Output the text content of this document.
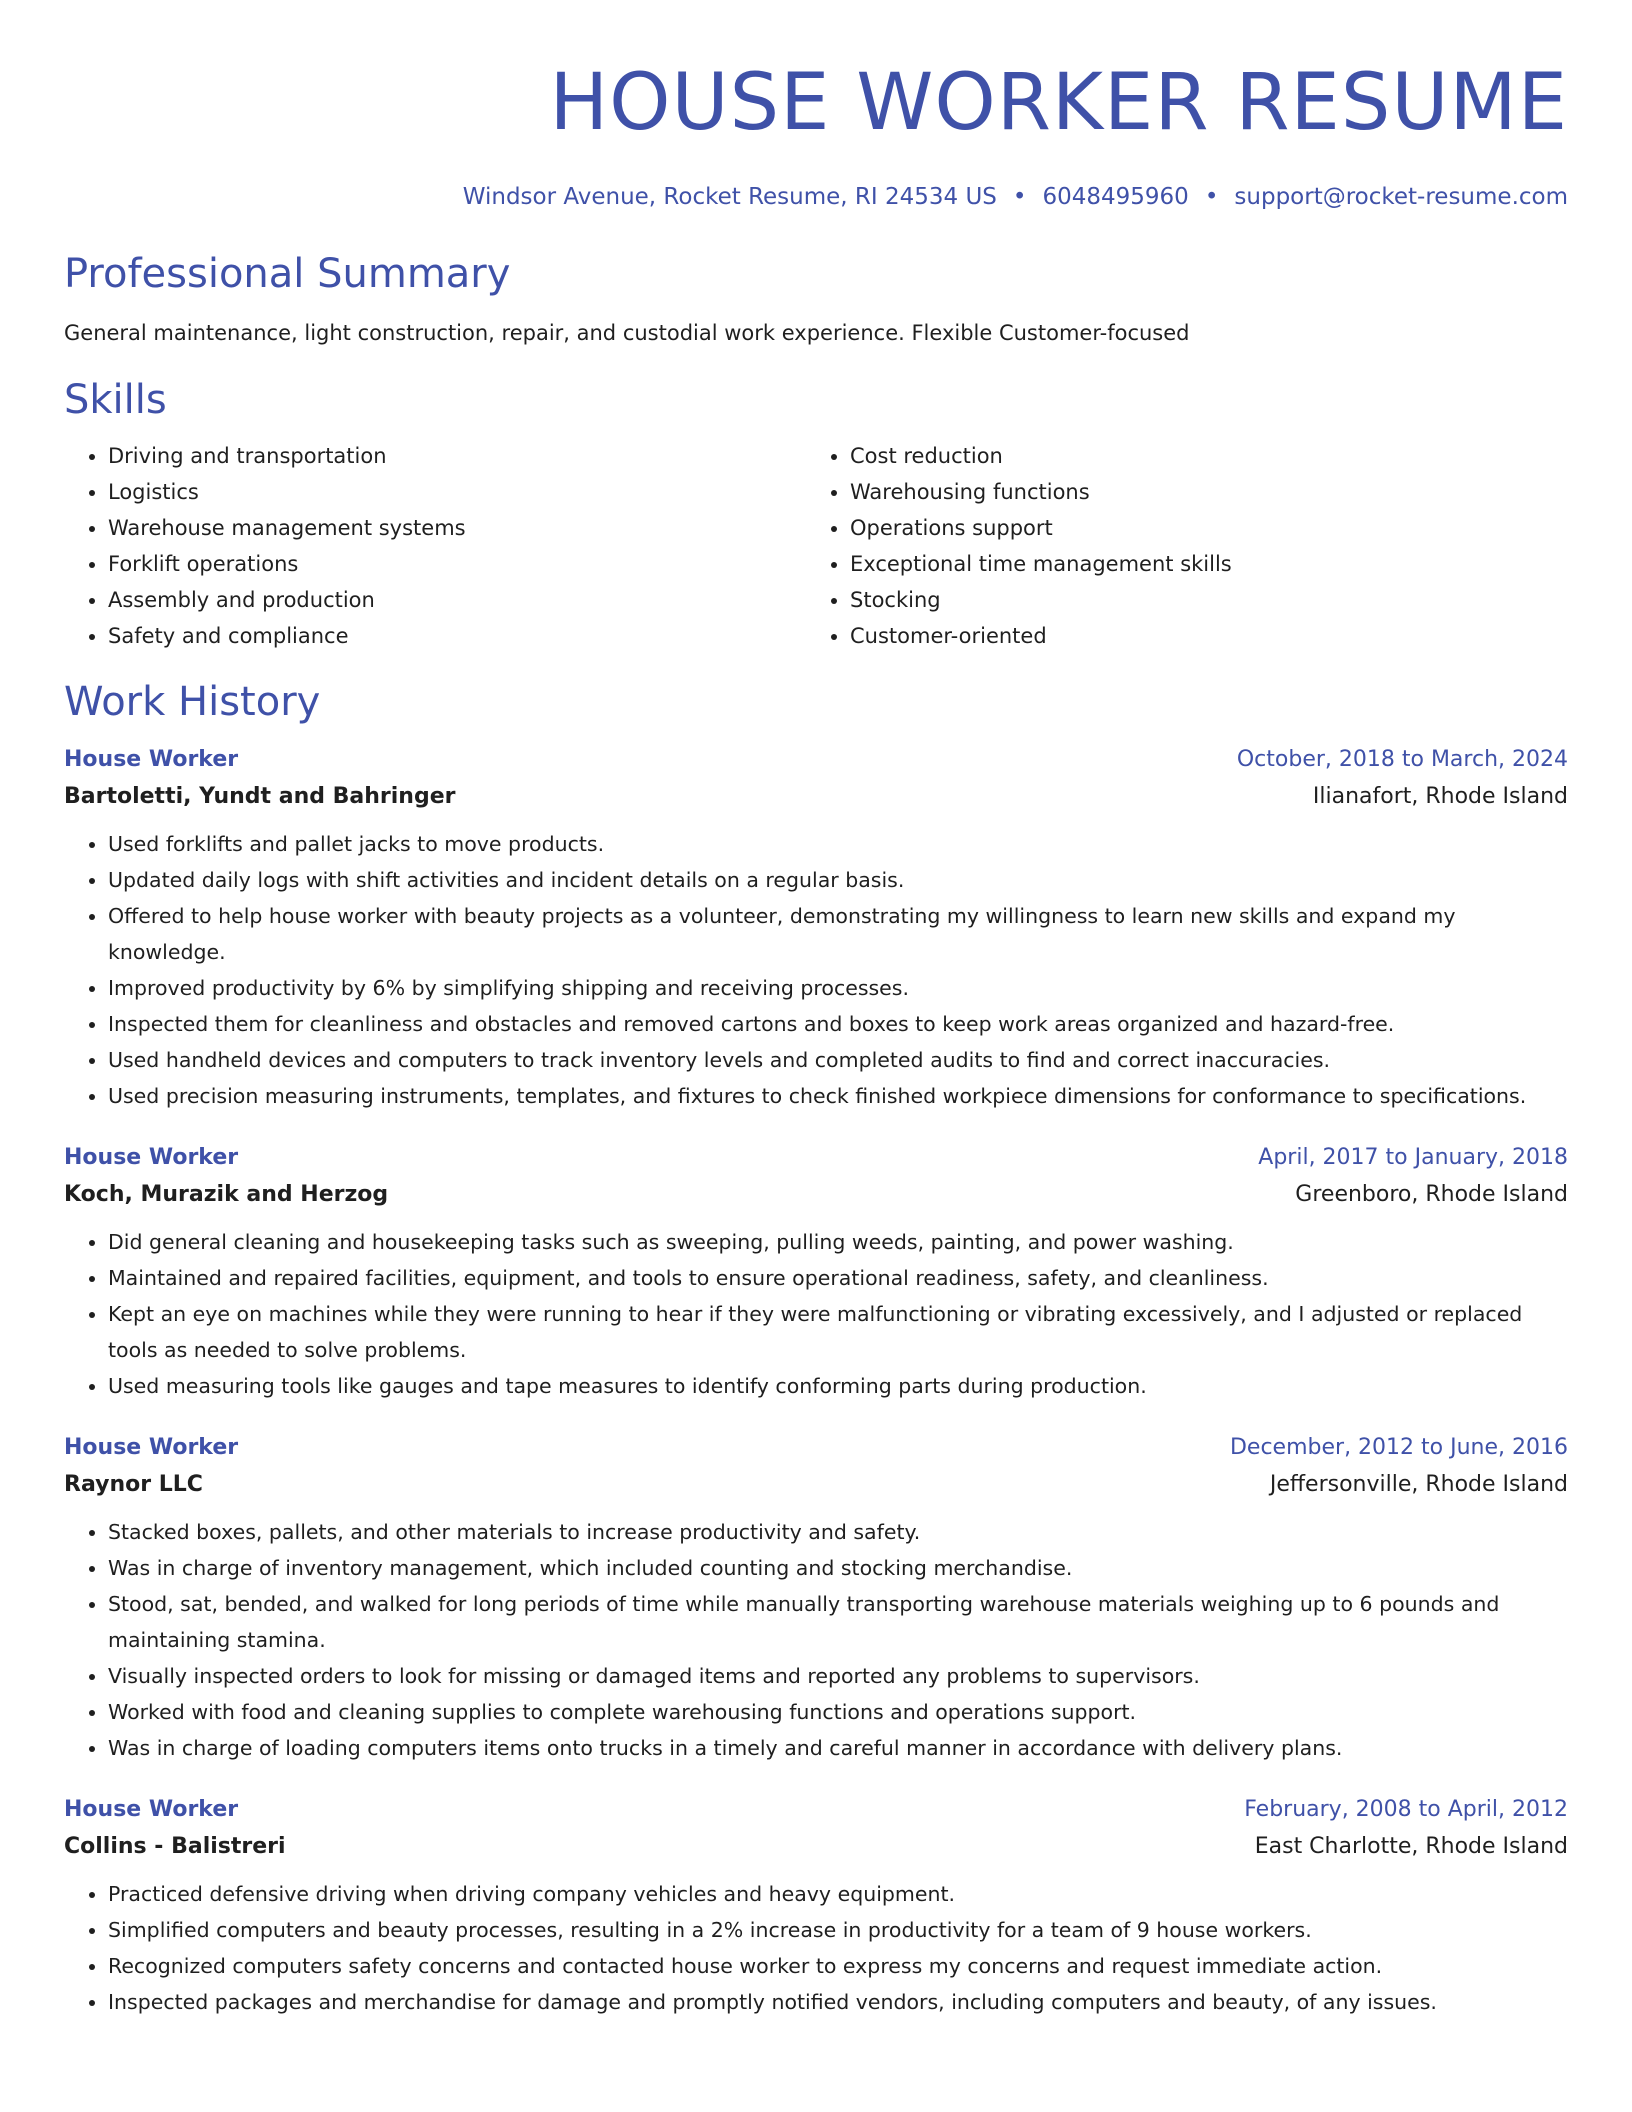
HOUSE WORKER RESUME
Windsor Avenue, Rocket Resume, RI 24534 US • 6048495960 • support@rocket-resume.com
Professional Summary
General maintenance, light construction, repair, and custodial work experience. Flexible Customer-focused
Skills
• Driving and transportation
• Logistics
• Warehouse management systems
• Forklift operations
• Assembly and production
• Safety and compliance
• Cost reduction
• Warehousing functions
• Operations support
• Exceptional time management skills
• Stocking
• Customer-oriented
Work History
House Worker	October, 2018 to March, 2024
Bartoletti, Yundt and Bahringer	Ilianafort, Rhode Island
• Used forklifts and pallet jacks to move products.
• Updated daily logs with shift activities and incident details on a regular basis.
• Offered to help house worker with beauty projects as a volunteer, demonstrating my willingness to learn new skills and expand my knowledge.
• Improved productivity by 6% by simplifying shipping and receiving processes.
• Inspected them for cleanliness and obstacles and removed cartons and boxes to keep work areas organized and hazard-free.
• Used handheld devices and computers to track inventory levels and completed audits to find and correct inaccuracies.
• Used precision measuring instruments, templates, and fixtures to check finished workpiece dimensions for conformance to specifications.
House Worker	April, 2017 to January, 2018
Koch, Murazik and Herzog	Greenboro, Rhode Island
• Did general cleaning and housekeeping tasks such as sweeping, pulling weeds, painting, and power washing.
• Maintained and repaired facilities, equipment, and tools to ensure operational readiness, safety, and cleanliness.
• Kept an eye on machines while they were running to hear if they were malfunctioning or vibrating excessively, and I adjusted or replaced tools as needed to solve problems.
• Used measuring tools like gauges and tape measures to identify conforming parts during production.
House Worker	December, 2012 to June, 2016
Raynor LLC	Jeffersonville, Rhode Island
• Stacked boxes, pallets, and other materials to increase productivity and safety.
• Was in charge of inventory management, which included counting and stocking merchandise.
• Stood, sat, bended, and walked for long periods of time while manually transporting warehouse materials weighing up to 6 pounds and maintaining stamina.
• Visually inspected orders to look for missing or damaged items and reported any problems to supervisors.
• Worked with food and cleaning supplies to complete warehousing functions and operations support.
• Was in charge of loading computers items onto trucks in a timely and careful manner in accordance with delivery plans.
House Worker	February, 2008 to April, 2012
Collins - Balistreri	East Charlotte, Rhode Island
• Practiced defensive driving when driving company vehicles and heavy equipment.
• Simplified computers and beauty processes, resulting in a 2% increase in productivity for a team of 9 house workers.
• Recognized computers safety concerns and contacted house worker to express my concerns and request immediate action.
• Inspected packages and merchandise for damage and promptly notified vendors, including computers and beauty, of any issues.
